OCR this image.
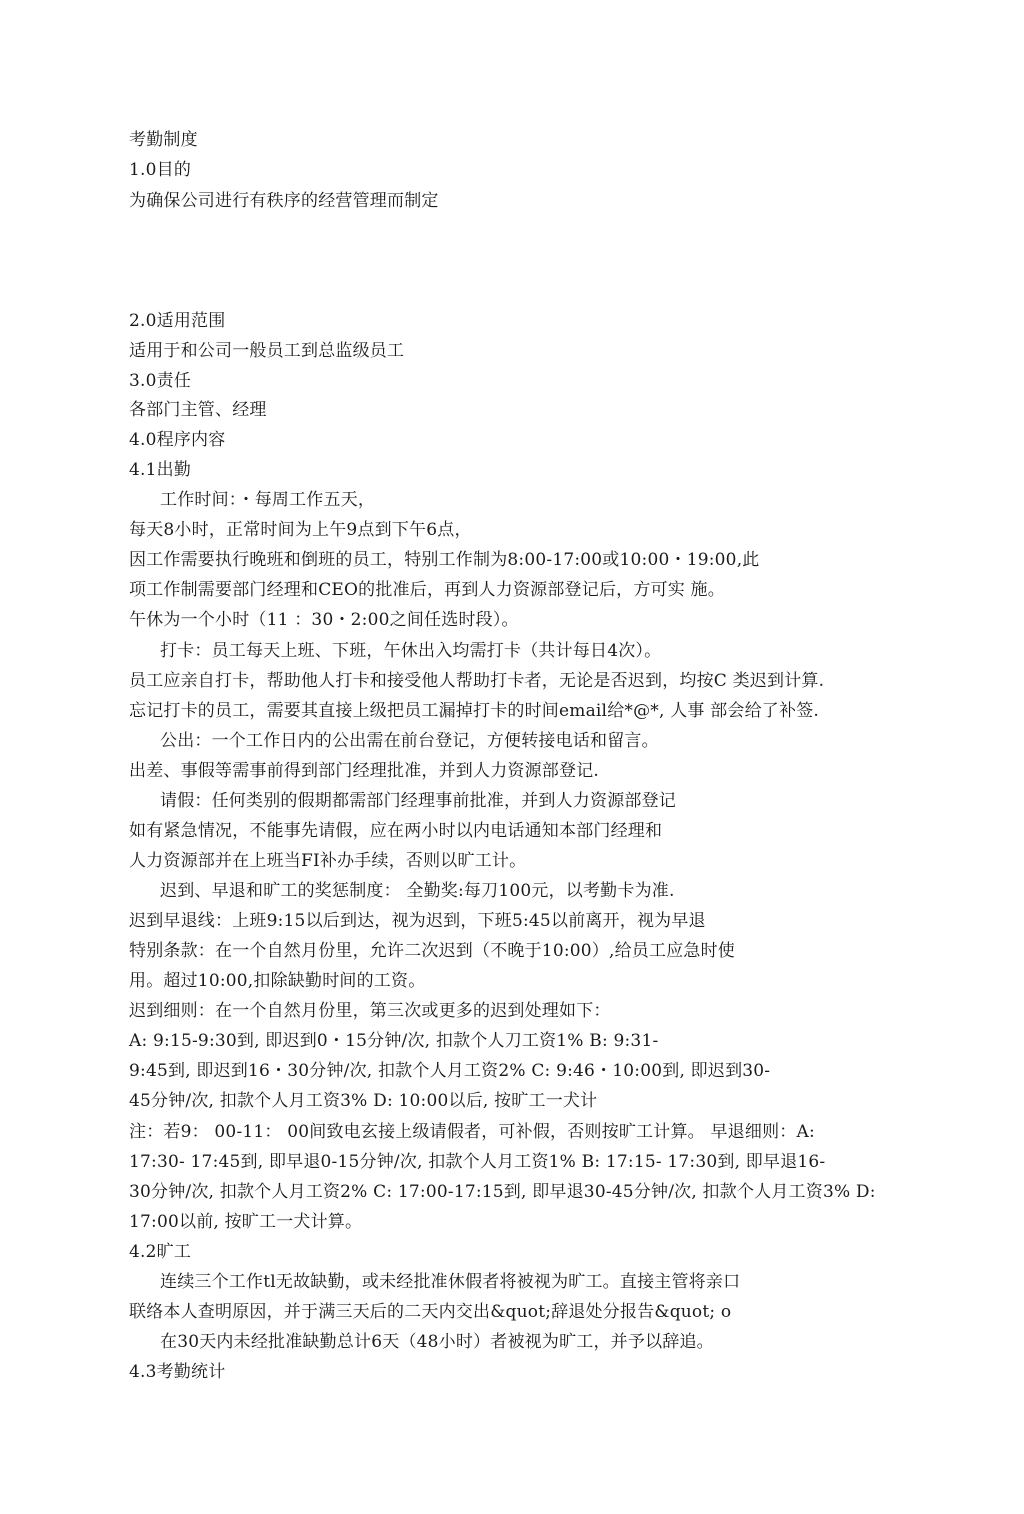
考勤制度
1.0目的
为确保公司进行有秩序的经营管理而制定
2.0适用范围
适用于和公司一般员工到总监级员工
3.0责任
各部门主管、经理
4.0程序内容
4.1出勤
工作时间：・每周工作五天，
每天8小时，正常时间为上午9点到下午6点，
因工作需要执行晚班和倒班的员工，特别工作制为8:00-17:00或10:00・19:00,此
项工作制需要部门经理和CEO的批准后，再到人力资源部登记后，方可实 施。
午休为一个小时（11 ：30・2:00之间任选时段）。
打卡：员工每天上班、下班，午休出入均需打卡（共计每日4次）。
员工应亲自打卡，帮助他人打卡和接受他人帮助打卡者，无论是否迟到，均按C 类迟到计算.
忘记打卡的员工，需要其直接上级把员工漏掉打卡的时间email给*@*, 人事 部会给了补签.
公出：一个工作日内的公出需在前台登记，方便转接电话和留言。
出差、事假等需事前得到部门经理批准，并到人力资源部登记.
请假：任何类别的假期都需部门经理事前批准，并到人力资源部登记
如有紧急情况，不能事先请假，应在两小时以内电话通知本部门经理和
人力资源部并在上班当FI补办手续，否则以旷工计。
迟到、早退和旷工的奖惩制度： 全勤奖:每刀100元，以考勤卡为准.
迟到早退线：上班9:15以后到达，视为迟到，下班5:45以前离开，视为早退
特别条款：在一个自然月份里，允许二次迟到（不晚于10:00）,给员工应急时使
用。超过10:00,扣除缺勤时间的工资。
迟到细则：在一个自然月份里，第三次或更多的迟到处理如下：
A: 9:15-9:30到, 即迟到0・15分钟/次, 扣款个人刀工资1% B: 9:31-
9:45到, 即迟到16・30分钟/次, 扣款个人月工资2% C: 9:46・10:00到, 即迟到30-
45分钟/次, 扣款个人月工资3% D: 10:00以后, 按旷工一犬计
注：若9： 00-11： 00间致电玄接上级请假者，可补假，否则按旷工计算。 早退细则：A:
17:30- 17:45到, 即早退0-15分钟/次, 扣款个人月工资1% B: 17:15- 17:30到, 即早退16-
30分钟/次, 扣款个人月工资2% C: 17:00-17:15到, 即早退30-45分钟/次, 扣款个人月工资3% D:
17:00以前, 按旷工一犬计算。
4.2旷工
连续三个工作tl无故缺勤，或未经批准休假者将被视为旷工。直接主管将亲口
联络本人查明原因，并于满三天后的二天内交出&quot;辞退处分报告&quot; o
在30天内未经批准缺勤总计6天（48小时）者被视为旷工，并予以辞追。
4.3考勤统计
